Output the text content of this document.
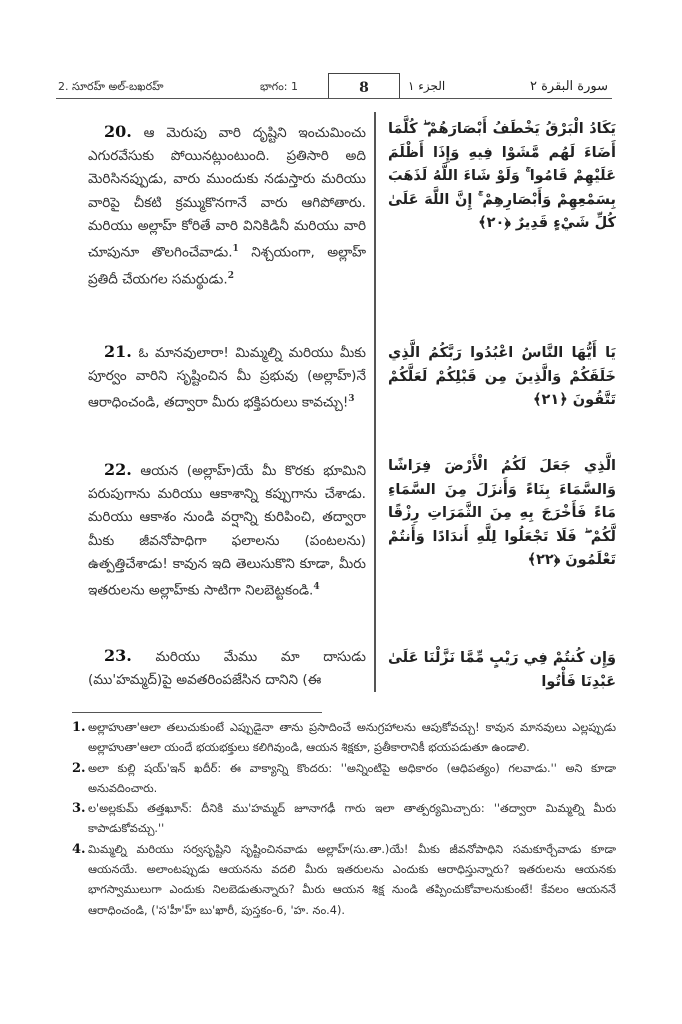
2. సూరహ్ అల్-బఖరహ్	భాగం: 1	8	الجزء ١	سورة البقرة ٢
20. ఆ మెరుపు వారి దృష్టిని ఇంచుమించు ఎగురవేసుకు పోయినట్లుంటుంది. ప్రతిసారి అది మెరిసినప్పుడు, వారు ముందుకు నడుస్తారు మరియు వారిపై చీకటి క్రమ్ముకొనగానే వారు ఆగిపోతారు. మరియు అల్లాహ్ కోరితే వారి వినికిడినీ మరియు వారి చూపునూ తొలగించేవాడు.$^1$ నిశ్చయంగా, అల్లాహ్ ప్రతిదీ చేయగల సమర్థుడు.$^2$
يَكَادُ الْبَرْقُ يَخْطَفُ أَبْصَارَهُمْ ۖ كُلَّمَا أَضَاءَ لَهُم مَّشَوْا فِيهِ وَإِذَا أَظْلَمَ عَلَيْهِمْ قَامُوا ۚ وَلَوْ شَاءَ اللَّهُ لَذَهَبَ بِسَمْعِهِمْ وَأَبْصَارِهِمْ ۚ إِنَّ اللَّهَ عَلَىٰ كُلِّ شَيْءٍ قَدِيرٌ ﴿٢٠﴾
21. ఓ మానవులారా! మిమ్మల్ని మరియు మీకు పూర్వం వారిని సృష్టించిన మీ ప్రభువు (అల్లాహ్)నే ఆరాధించండి, తద్వారా మీరు భక్తిపరులు కావచ్చు!$^3$
يَا أَيُّهَا النَّاسُ اعْبُدُوا رَبَّكُمُ الَّذِي خَلَقَكُمْ وَالَّذِينَ مِن قَبْلِكُمْ لَعَلَّكُمْ تَتَّقُونَ ﴿٢١﴾
22. ఆయన (అల్లాహ్)యే మీ కొరకు భూమిని పరుపుగాను మరియు ఆకాశాన్ని కప్పుగాను చేశాడు. మరియు ఆకాశం నుండి వర్షాన్ని కురిపించి, తద్వారా మీకు జీవనోపాధిగా ఫలాలను (పంటలను) ఉత్పత్తిచేశాడు! కావున ఇది తెలుసుకొని కూడా, మీరు ఇతరులను అల్లాహ్‌కు సాటిగా నిలబెట్టకండి.$^4$
الَّذِي جَعَلَ لَكُمُ الْأَرْضَ فِرَاشًا وَالسَّمَاءَ بِنَاءً وَأَنزَلَ مِنَ السَّمَاءِ مَاءً فَأَخْرَجَ بِهِ مِنَ الثَّمَرَاتِ رِزْقًا لَّكُمْ ۖ فَلَا تَجْعَلُوا لِلَّهِ أَندَادًا وَأَنتُمْ تَعْلَمُونَ ﴿٢٢﴾
23. మరియు మేము మా దాసుడు (ము'హమ్మద్)పై అవతరింపజేసిన దానిని (ఈ
وَإِن كُنتُمْ فِي رَيْبٍ مِّمَّا نَزَّلْنَا عَلَىٰ عَبْدِنَا فَأْتُوا
1. అల్లాహుతా'ఆలా తలుచుకుంటే ఎప్పుడైనా తాను ప్రసాదించే అనుగ్రహాలను ఆపుకోవచ్చు! కావున మానవులు ఎల్లప్పుడు అల్లాహుతా'ఆలా యందే భయభక్తులు కలిగివుండి, ఆయన శిక్షకూ, ప్రతీకారానికీ భయపడుతూ ఉండాలి.
2. అలా కుల్లి షయ్'ఇన్ ఖదీర్: ఈ వాక్యాన్ని కొందరు: ''అన్నింటిపై అధికారం (ఆధిపత్యం) గలవాడు.'' అని కూడా అనువదించారు.
3. ల'అల్లకుమ్ తత్తఖూన్: దీనికి ము'హమ్మద్ జూనాగఢీ గారు ఇలా తాత్పర్యమిచ్చారు: ''తద్వారా మిమ్మల్ని మీరు కాపాడుకోవచ్చు.''
4. మిమ్మల్ని మరియు సర్వసృష్టిని సృష్టించినవాడు అల్లాహ్(సు.తా.)యే! మీకు జీవనోపాధిని సమకూర్చేవాడు కూడా ఆయనయే. అలాంటప్పుడు ఆయనను వదలి మీరు ఇతరులను ఎందుకు ఆరాధిస్తున్నారు? ఇతరులను ఆయనకు భాగస్వాములుగా ఎందుకు నిలబెడుతున్నారు? మీరు ఆయన శిక్ష నుండి తప్పించుకోవాలనుకుంటే! కేవలం ఆయననే ఆరాధించండి, ('స'హీ'హ్ బు'ఖారీ, పుస్తకం-6, 'హ. నం.4).
